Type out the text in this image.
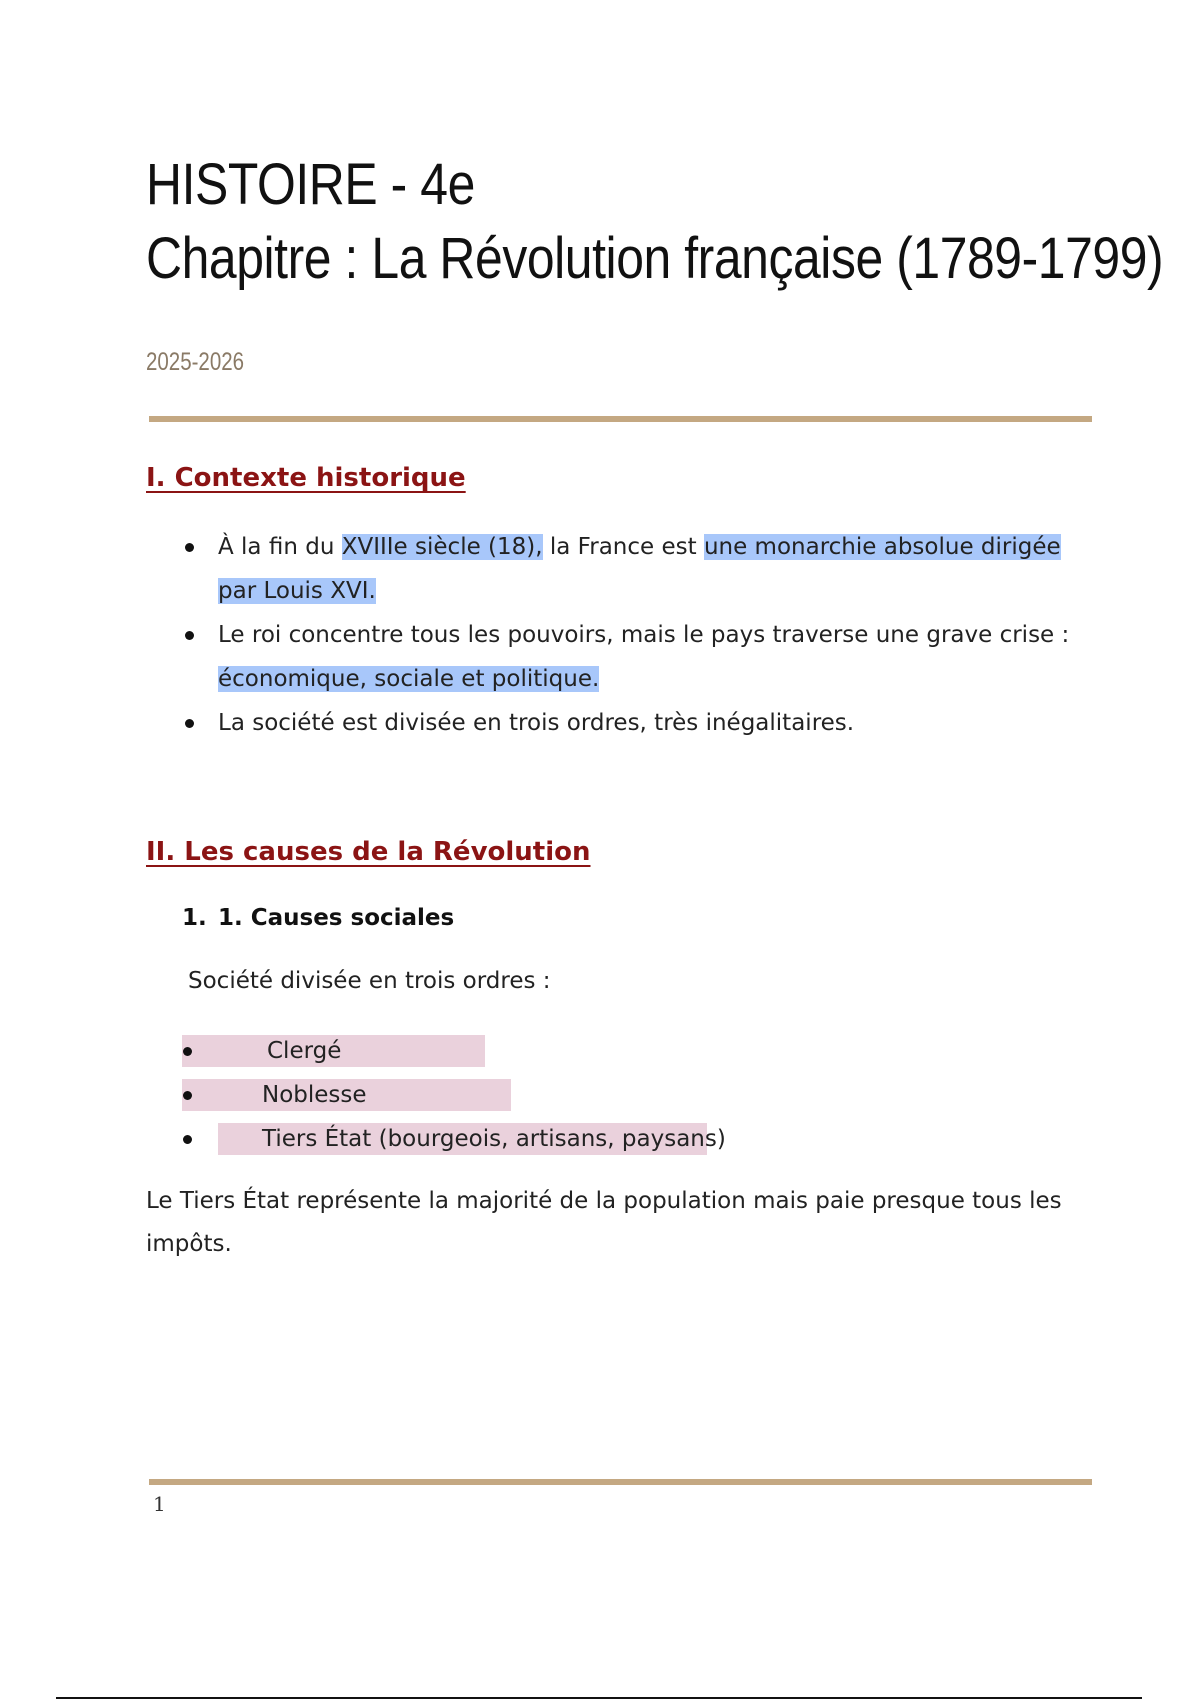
HISTOIRE - 4e
Chapitre : La Révolution française (1789-1799)
2025-2026
I. Contexte historique
À la fin du XVIIIe siècle (18), la France est une monarchie absolue dirigée par Louis XVI.
Le roi concentre tous les pouvoirs, mais le pays traverse une grave crise : économique, sociale et politique.
La société est divisée en trois ordres, très inégalitaires.
II. Les causes de la Révolution
1. 1. Causes sociales
Société divisée en trois ordres :
Clergé
Noblesse
Tiers État (bourgeois, artisans, paysans)

Le Tiers État représente la majorité de la population mais paie presque tous les impôts.

1
